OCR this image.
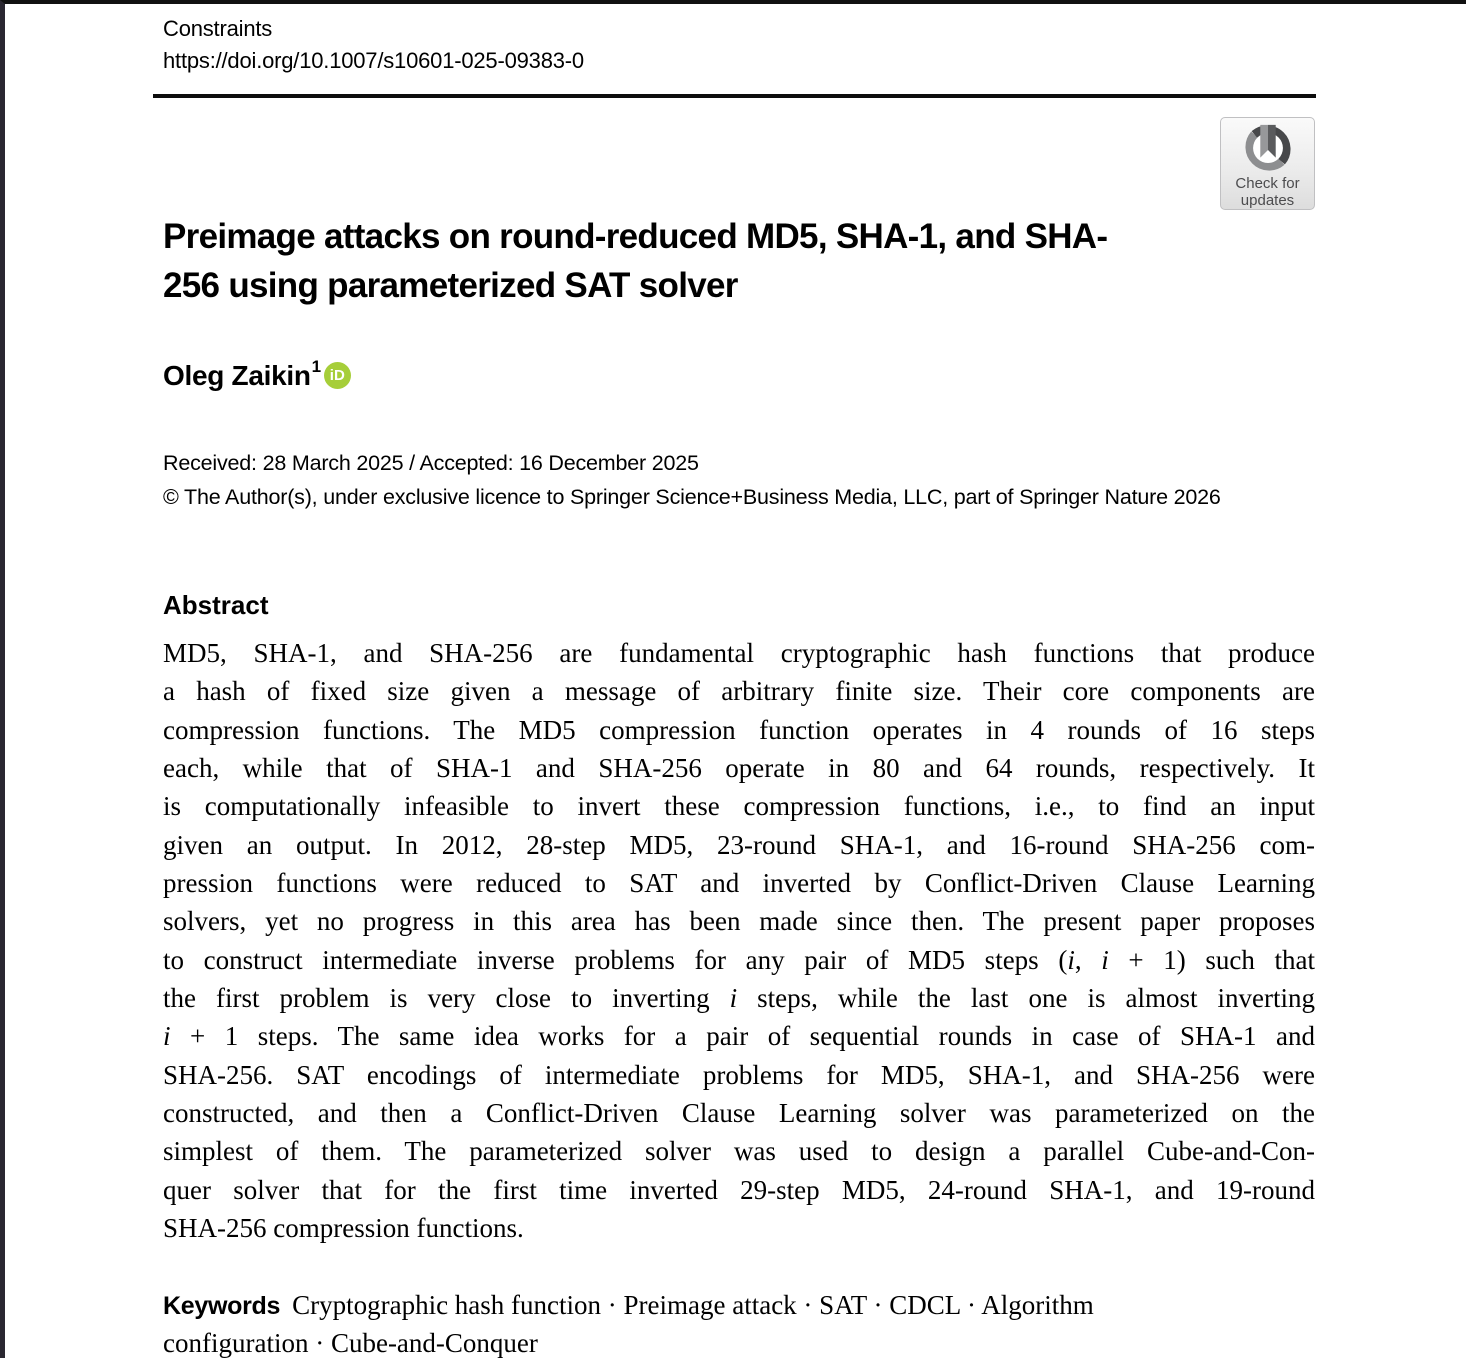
Constraints
https://doi.org/10.1007/s10601-025-09383-0
Check for
updates
Preimage attacks on round-reduced MD5, SHA-1, and SHA-
256 using parameterized SAT solver
Oleg Zaikin$^1$ iD
Received: 28 March 2025 / Accepted: 16 December 2025
© The Author(s), under exclusive licence to Springer Science+Business Media, LLC, part of Springer Nature 2026
Abstract
MD5, SHA-1, and SHA-256 are fundamental cryptographic hash functions that produce
a hash of fixed size given a message of arbitrary finite size. Their core components are
compression functions. The MD5 compression function operates in 4 rounds of 16 steps
each, while that of SHA-1 and SHA-256 operate in 80 and 64 rounds, respectively. It
is computationally infeasible to invert these compression functions, i.e., to find an input
given an output. In 2012, 28-step MD5, 23-round SHA-1, and 16-round SHA-256 com-
pression functions were reduced to SAT and inverted by Conflict-Driven Clause Learning
solvers, yet no progress in this area has been made since then. The present paper proposes
to construct intermediate inverse problems for any pair of MD5 steps (i, i + 1) such that
the first problem is very close to inverting i steps, while the last one is almost inverting
i + 1 steps. The same idea works for a pair of sequential rounds in case of SHA-1 and
SHA-256. SAT encodings of intermediate problems for MD5, SHA-1, and SHA-256 were
constructed, and then a Conflict-Driven Clause Learning solver was parameterized on the
simplest of them. The parameterized solver was used to design a parallel Cube-and-Con-
quer solver that for the first time inverted 29-step MD5, 24-round SHA-1, and 19-round
SHA-256 compression functions.
Keywords Cryptographic hash function · Preimage attack · SAT · CDCL · Algorithm
configuration · Cube-and-Conquer
